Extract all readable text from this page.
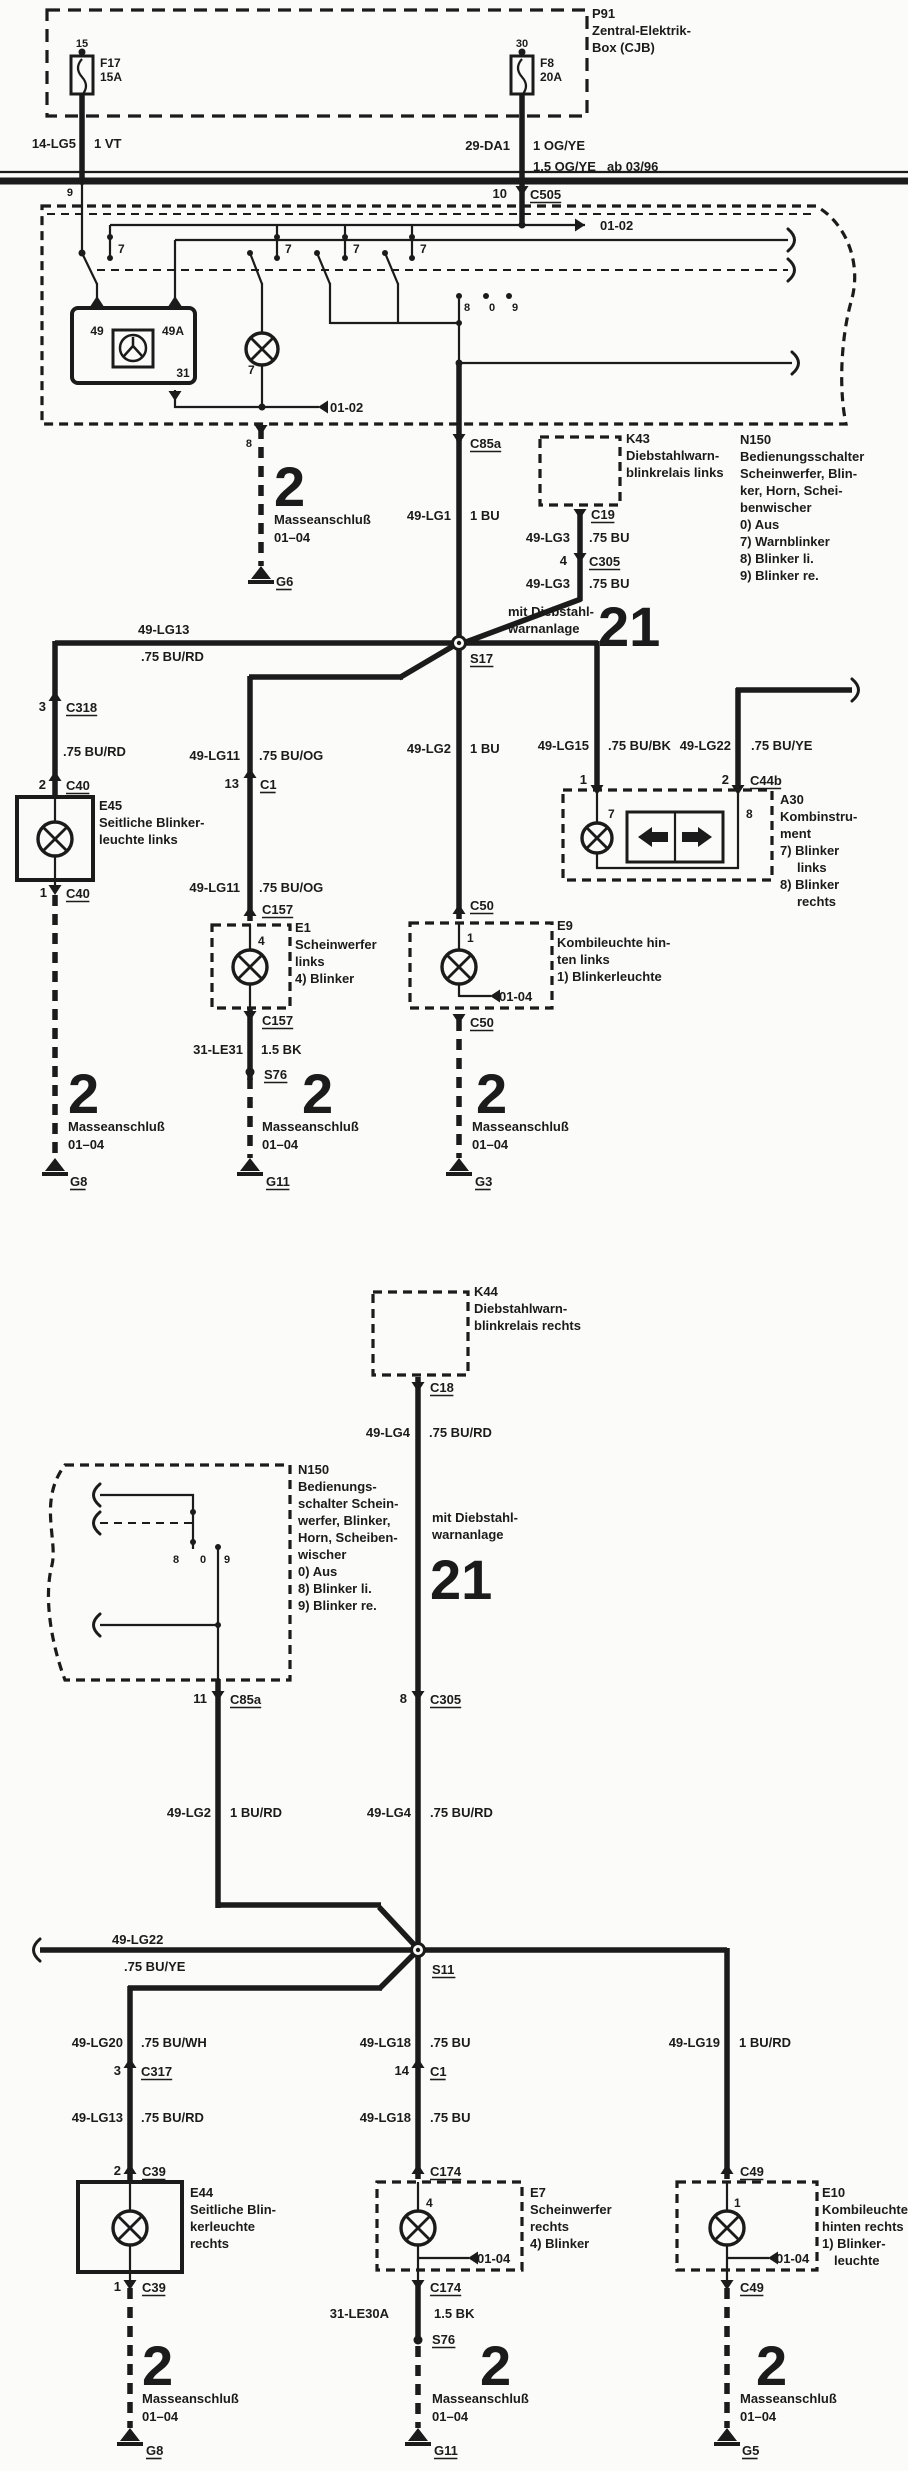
15
F17
15A
14-LG5 1 VT
30
F8
20A
P91
Zentral-Elektrik-
Box (CJB)
29-DA1 1 OG/YE
1.5 OG/YE ab 03/96
10 C505
9
7	7	7	7
01-02
8 0 9
49	49A
31	7
01-02
8	C85a
2
Masseanschluß
01–04
G6
49-LG1 1 BU
K43
Diebstahlwarn-
blinkrelais links
C19
49-LG3 .75 BU
4 C305
49-LG3 .75 BU
N150
Bedienungsschalter
Scheinwerfer, Blin-
ker, Horn, Schei-
benwischer
0) Aus
7) Warnblinker
8) Blinker li.
9) Blinker re.
mit Diebstahl-
warnanlage 21
S17
49-LG13
.75 BU/RD
3 C318
.75 BU/RD
2 C40
E45
Seitliche Blinker-
leuchte links
1 C40
49-LG11 .75 BU/OG
13 C1
49-LG2 1 BU	49-LG15 .75 BU/BK 49-LG22 .75 BU/YE
1	2 C44b
A30
Kombinstru-
ment
7) Blinker
links
8) Blinker
rechts
7	8
49-LG11 .75 BU/OG
C157
E1
Scheinwerfer
links
4) Blinker
4
C50
E9
Kombileuchte hin-
ten links
1) Blinkerleuchte
1
01-04
C50
C157
31-LE31 1.5 BK
S76
2
Masseanschluß
01–04
G8
2
Masseanschluß
01–04
G11
2
Masseanschluß
01–04
G3
K44
Diebstahlwarn-
blinkrelais rechts
C18
49-LG4 .75 BU/RD
N150
Bedienungs-
schalter Schein-
werfer, Blinker,
Horn, Scheiben-
wischer
0) Aus
8) Blinker li.
9) Blinker re.
8 0 9
mit Diebstahl-
warnanlage
21
11 C85a	8 C305
49-LG2 1 BU/RD	49-LG4 .75 BU/RD
49-LG22
.75 BU/YE	S11
49-LG20 .75 BU/WH
3 C317
49-LG13 .75 BU/RD
49-LG18 .75 BU
14 C1
49-LG18 .75 BU
49-LG19 1 BU/RD
2 C39
E44
Seitliche Blin-
kerleuchte
rechts
C174
E7
Scheinwerfer
rechts
4) Blinker
4
C49
E10
Kombileuchte
hinten rechts
1) Blinker-
leuchte
1
01-04	01-04
1 C39	C174	C49
31-LE30A	1.5 BK
S76
2
Masseanschluß
01–04
G8
2
Masseanschluß
01–04
G11
2
Masseanschluß
01–04
G5
